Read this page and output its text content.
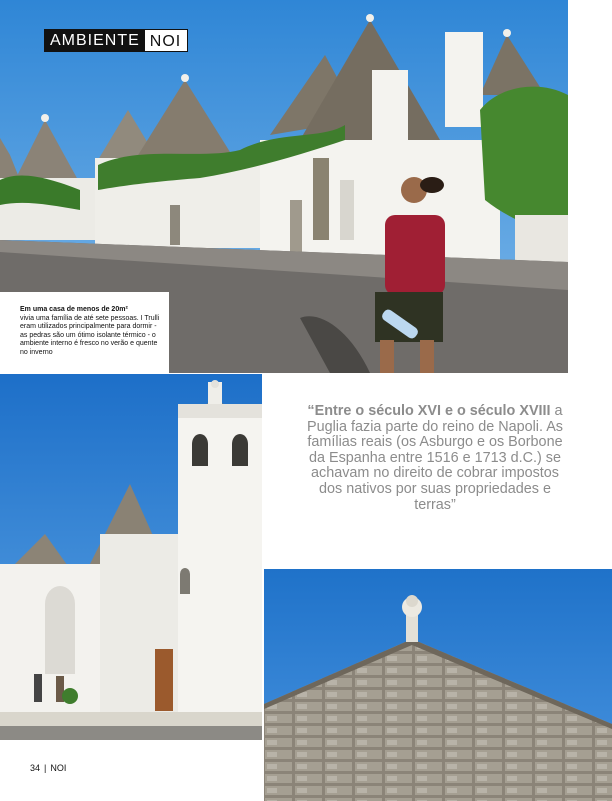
AMBIENTE NOI
Em uma casa de menos de 20m²
vivia uma família de até sete pessoas. I Trulli eram utilizados principalmente para dormir - as pedras são um ótimo isolante térmico - o ambiente interno é fresco no verão e quente no inverno
“Entre o século XVI e o século XVIII a Puglia fazia parte do reino de Napoli. As famílias reais (os Asburgo e os Borbone da Espanha entre 1516 e 1713 d.C.) se achavam no direito de cobrar impostos dos nativos por suas propriedades e terras”
34 | NOI
